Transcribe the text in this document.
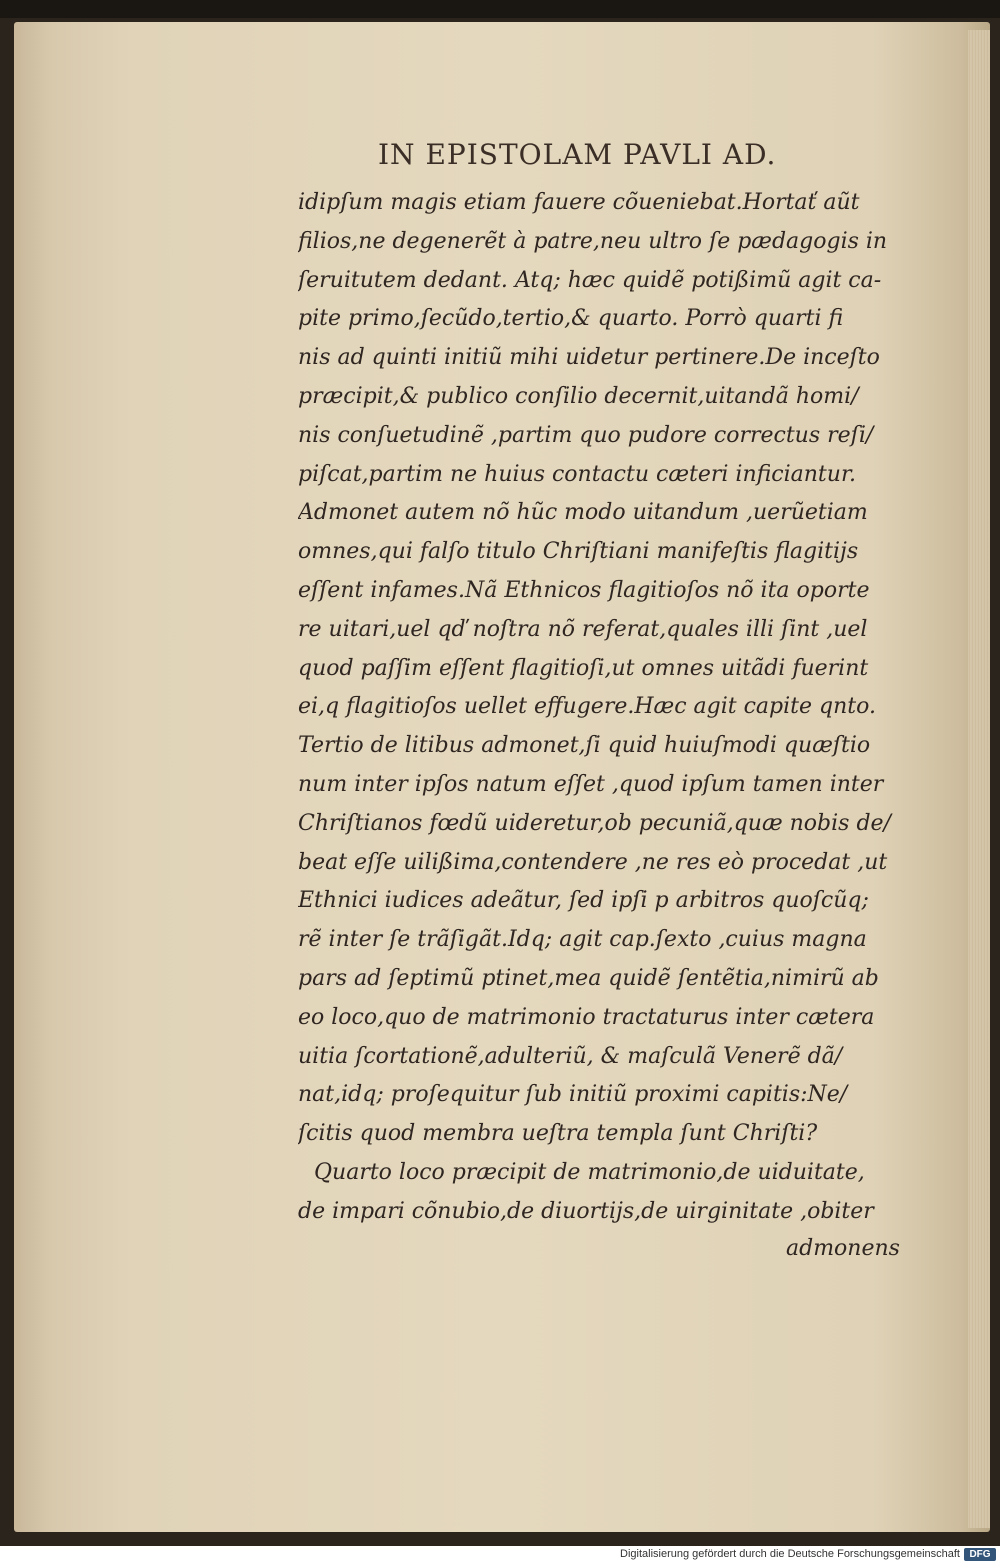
IN EPISTOLAM PAVLI AD.
idipſum magis etiam fauere cõueniebat.Hortať aũt
filios,ne degenerẽt à patre,neu ultro ſe pædagogis in
ſeruitutem dedant. Atq; hæc quidẽ potißimũ agit ca-
pite primo,ſecũdo,tertio,& quarto. Porrò quarti fi
nis ad quinti initiũ mihi uidetur pertinere.De inceſto
præcipit,& publico conſilio decernit,uitandã homi/
nis conſuetudinẽ ,partim quo pudore correctus reſi/
piſcat,partim ne huius contactu cæteri inficiantur.
Admonet autem nõ hũc modo uitandum ,uerũetiam
omnes,qui falſo titulo Chriſtiani manifeſtis flagitijs
eſſent infames.Nã Ethnicos flagitioſos nõ ita oporte
re uitari,uel qď noſtra nõ referat,quales illi ſint ,uel
quod paſſim eſſent flagitioſi,ut omnes uitãdi fuerint
ei,q flagitioſos uellet effugere.Hæc agit capite qnto.
Tertio de litibus admonet,ſi quid huiuſmodi quæſtio
num inter ipſos natum eſſet ,quod ipſum tamen inter
Chriſtianos fœdũ uideretur,ob pecuniã,quæ nobis de/
beat eſſe uilißima,contendere ,ne res eò procedat ,ut
Ethnici iudices adeãtur, ſed ipſi p arbitros quoſcũq;
rẽ inter ſe trãſigãt.Idq; agit cap.ſexto ,cuius magna
pars ad ſeptimũ ptinet,mea quidẽ ſentẽtia,nimirũ ab
eo loco,quo de matrimonio tractaturus inter cætera
uitia ſcortationẽ,adulteriũ, & maſculã Venerẽ dã/
nat,idq; proſequitur ſub initiũ proximi capitis:Ne/
ſcitis quod membra ueſtra templa ſunt Chriſti?
Quarto loco præcipit de matrimonio,de uiduitate,
de impari cõnubio,de diuortijs,de uirginitate ,obiter
admonens
Digitalisierung gefördert durch die Deutsche Forschungsgemeinschaft DFG
